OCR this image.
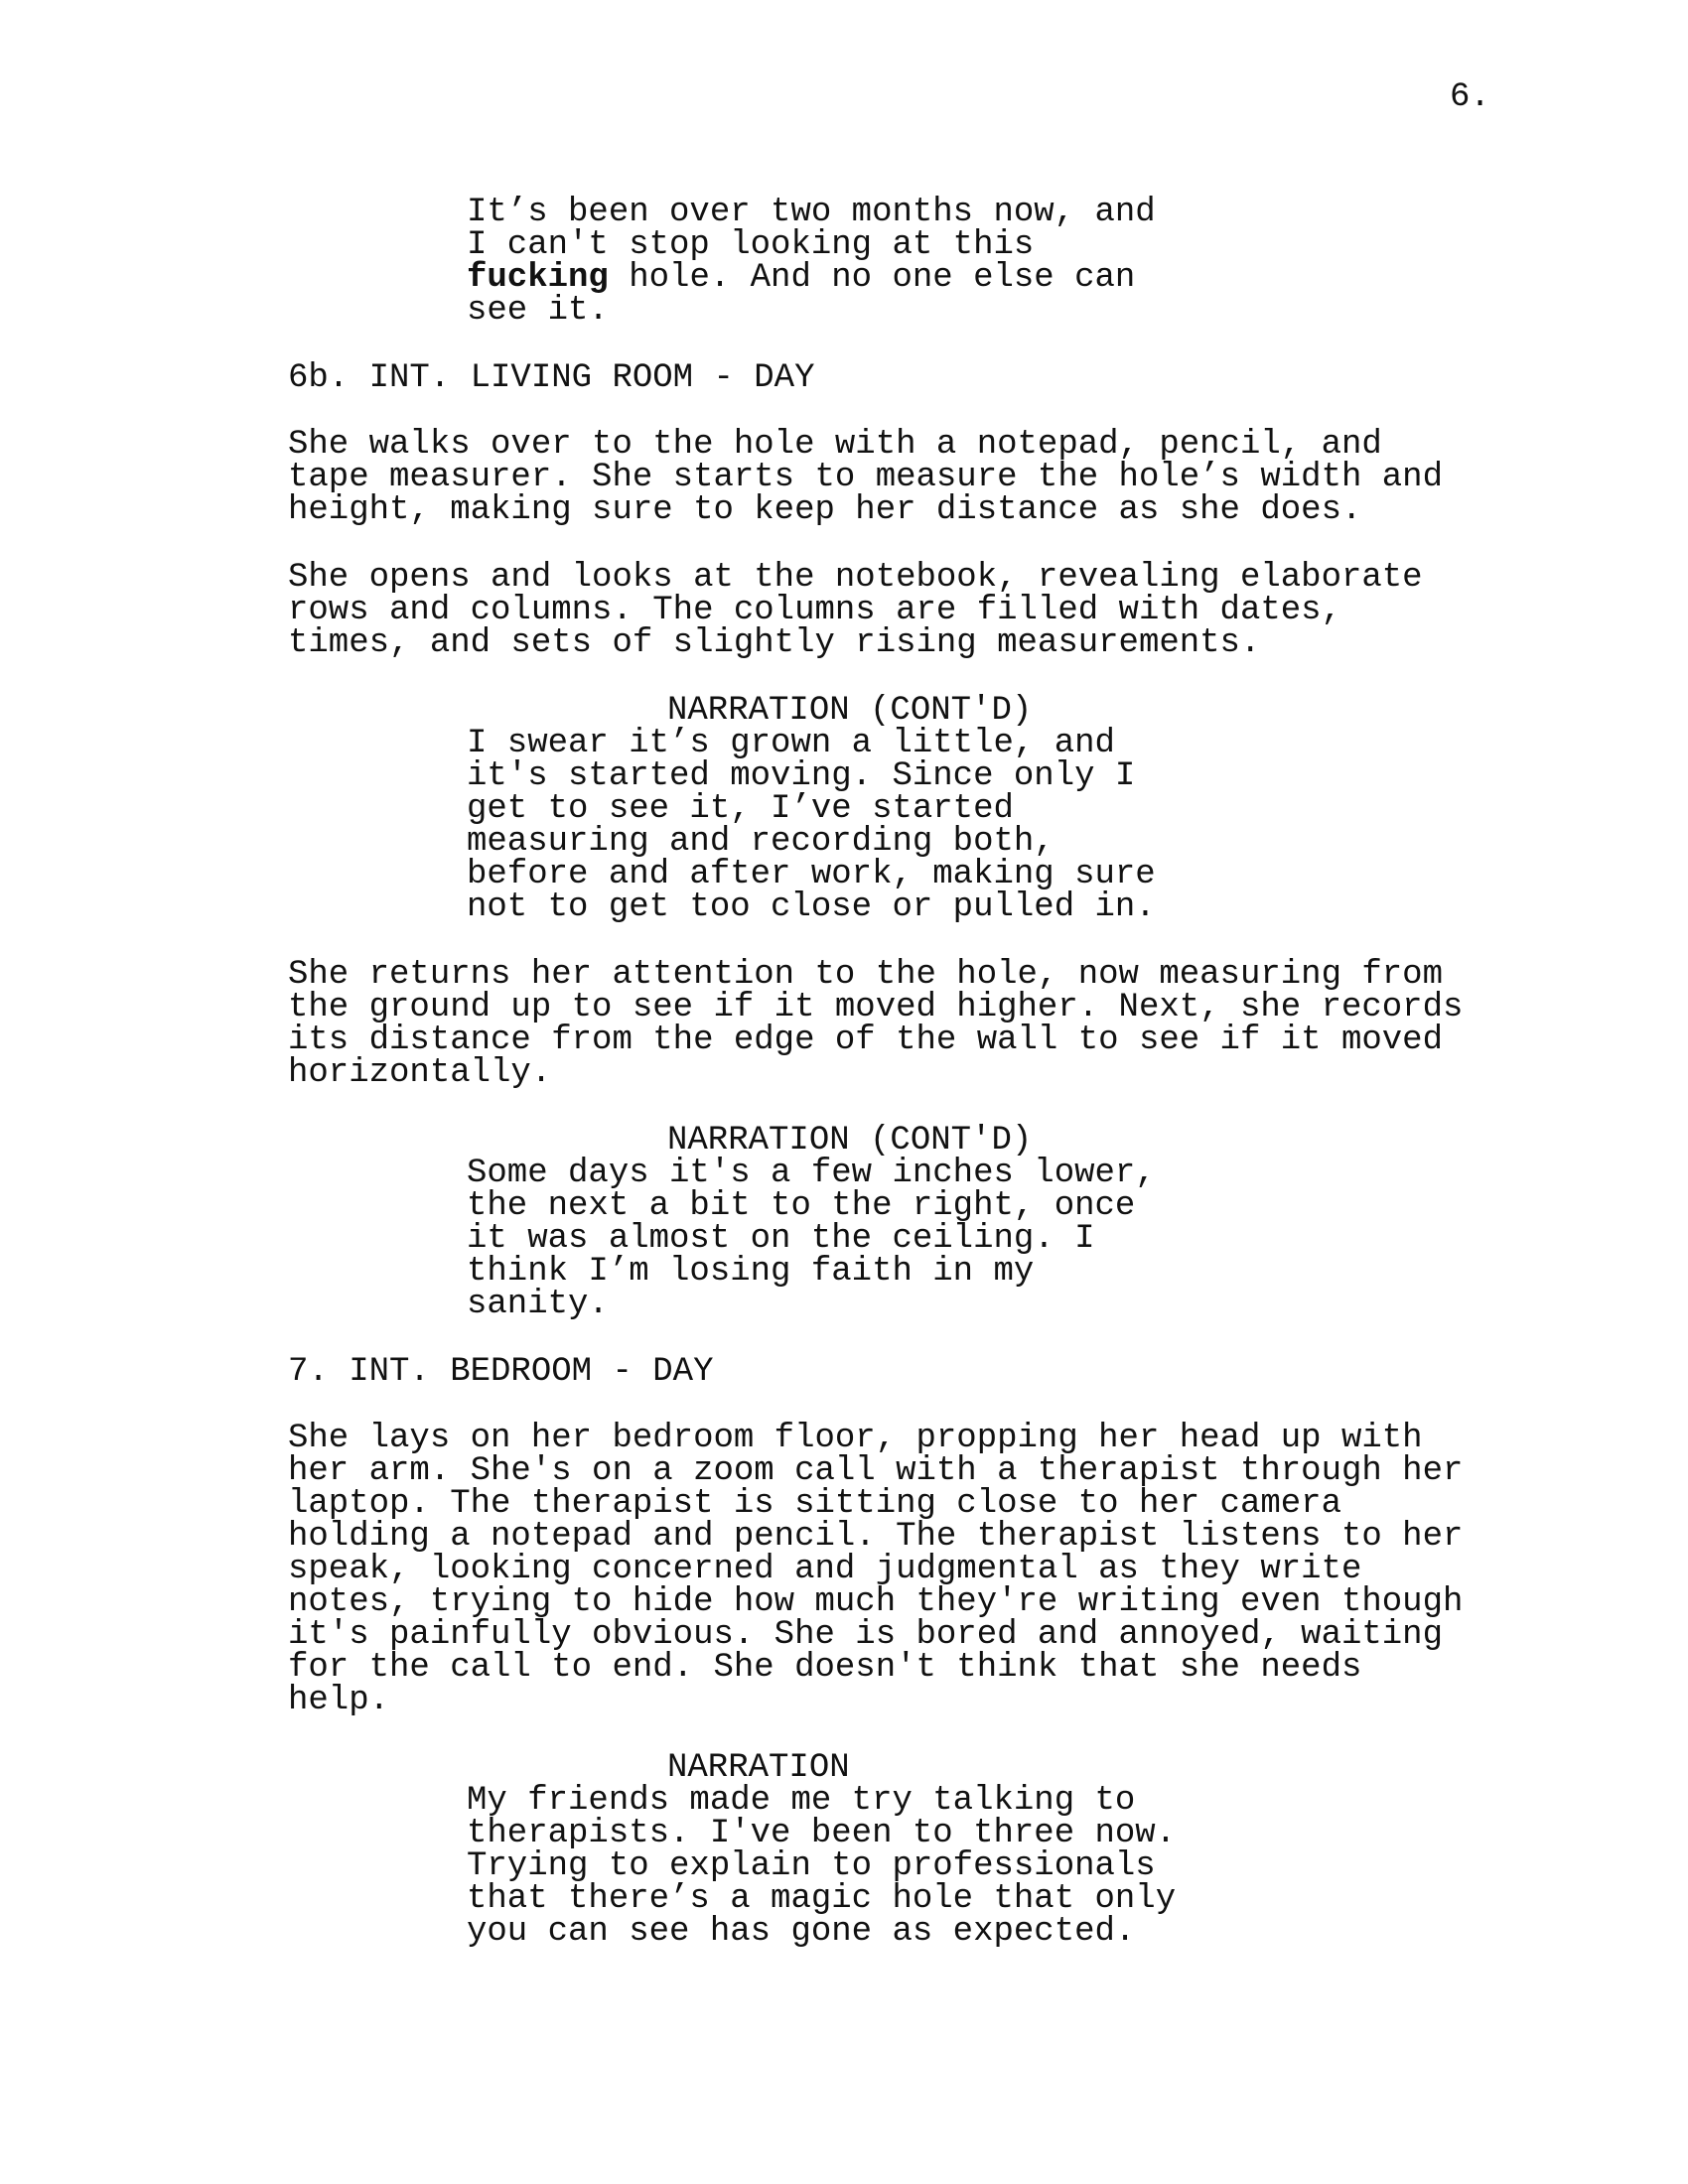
6.
It’s been over two months now, and
I can't stop looking at this
fucking hole. And no one else can
see it.
6b. INT. LIVING ROOM - DAY
She walks over to the hole with a notepad, pencil, and
tape measurer. She starts to measure the hole’s width and
height, making sure to keep her distance as she does.
She opens and looks at the notebook, revealing elaborate
rows and columns. The columns are filled with dates,
times, and sets of slightly rising measurements.
NARRATION (CONT'D)
I swear it’s grown a little, and
it's started moving. Since only I
get to see it, I’ve started
measuring and recording both,
before and after work, making sure
not to get too close or pulled in.
She returns her attention to the hole, now measuring from
the ground up to see if it moved higher. Next, she records
its distance from the edge of the wall to see if it moved
horizontally.
NARRATION (CONT'D)
Some days it's a few inches lower,
the next a bit to the right, once
it was almost on the ceiling. I
think I’m losing faith in my
sanity.
7. INT. BEDROOM - DAY
She lays on her bedroom floor, propping her head up with
her arm. She's on a zoom call with a therapist through her
laptop. The therapist is sitting close to her camera
holding a notepad and pencil. The therapist listens to her
speak, looking concerned and judgmental as they write
notes, trying to hide how much they're writing even though
it's painfully obvious. She is bored and annoyed, waiting
for the call to end. She doesn't think that she needs
help.
NARRATION
My friends made me try talking to
therapists. I've been to three now.
Trying to explain to professionals
that there’s a magic hole that only
you can see has gone as expected.
